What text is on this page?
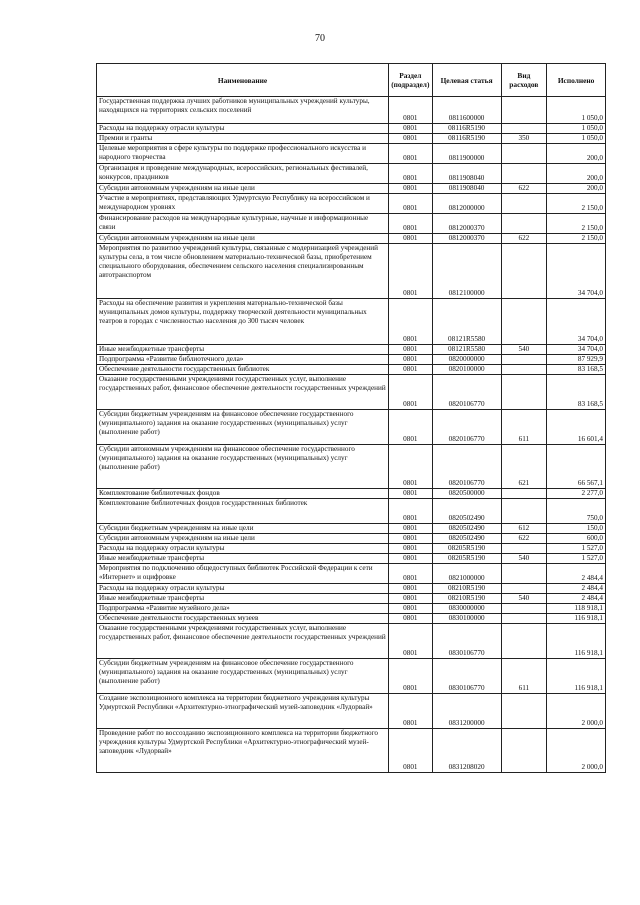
70
Наименование	Раздел (подраздел)	Целевая статья	Вид расходов	Исполнено
Государственная поддержка лучших работников муниципальных учреждений культуры, находящихся на территориях сельских поселений	0801	0811600000		1 050,0
Расходы на поддержку отрасли культуры	0801	08116R5190		1 050,0
Премии и гранты	0801	08116R5190	350	1 050,0
Целевые мероприятия в сфере культуры по поддержке профессионального искусства и народного творчества	0801	0811900000		200,0
Организация и проведение международных, всероссийских, региональных фестивалей, конкурсов, праздников	0801	0811908040		200,0
Субсидии автономным учреждениям на иные цели	0801	0811908040	622	200,0
Участие в мероприятиях, представляющих Удмуртскую Республику на всероссийском и международном уровнях	0801	0812000000		2 150,0
Финансирование расходов на международные культурные, научные и информационные связи	0801	0812000370		2 150,0
Субсидии автономным учреждениям на иные цели	0801	0812000370	622	2 150,0
Мероприятия по развитию учреждений культуры, связанные с модернизацией учреждений культуры села, в том числе обновлением материально-технической базы, приобретением специального оборудования, обеспечением сельского населения специализированным автотранспортом	0801	0812100000		34 704,0
Расходы на обеспечение развития и укрепления материально-технической базы муниципальных домов культуры, поддержку творческой деятельности муниципальных театров в городах с численностью населения до 300 тысяч человек	0801	08121R5580		34 704,0
Иные межбюджетные трансферты	0801	08121R5580	540	34 704,0
Подпрограмма «Развитие библиотечного дела»	0801	0820000000		87 929,9
Обеспечение деятельности государственных библиотек	0801	0820100000		83 168,5
Оказание государственными учреждениями государственных услуг, выполнение государственных работ, финансовое обеспечение деятельности государственных учреждений	0801	0820106770		83 168,5
Субсидии бюджетным учреждениям на финансовое обеспечение государственного (муниципального) задания на оказание государственных (муниципальных) услуг (выполнение работ)	0801	0820106770	611	16 601,4
Субсидии автономным учреждениям на финансовое обеспечение государственного (муниципального) задания на оказание государственных (муниципальных) услуг (выполнение работ)	0801	0820106770	621	66 567,1
Комплектование библиотечных фондов	0801	0820500000		2 277,0
Комплектование библиотечных фондов государственных библиотек	0801	0820502490		750,0
Субсидии бюджетным учреждениям на иные цели	0801	0820502490	612	150,0
Субсидии автономным учреждениям на иные цели	0801	0820502490	622	600,0
Расходы на поддержку отрасли культуры	0801	08205R5190		1 527,0
Иные межбюджетные трансферты	0801	08205R5190	540	1 527,0
Мероприятия по подключению общедоступных библиотек Российской Федерации к сети «Интернет» и оцифровке	0801	0821000000		2 484,4
Расходы на поддержку отрасли культуры	0801	08210R5190		2 484,4
Иные межбюджетные трансферты	0801	08210R5190	540	2 484,4
Подпрограмма «Развитие музейного дела»	0801	0830000000		118 918,1
Обеспечение деятельности государственных музеев	0801	0830100000		116 918,1
Оказание государственными учреждениями государственных услуг, выполнение государственных работ, финансовое обеспечение деятельности государственных учреждений	0801	0830106770		116 918,1
Субсидии бюджетным учреждениям на финансовое обеспечение государственного (муниципального) задания на оказание государственных (муниципальных) услуг (выполнение работ)	0801	0830106770	611	116 918,1
Создание экспозиционного комплекса на территории бюджетного учреждения культуры Удмуртской Республики «Архитектурно-этнографический музей-заповедник «Лудорвай»	0801	0831200000		2 000,0
Проведение работ по воссозданию экспозиционного комплекса на территории бюджетного учреждения культуры Удмуртской Республики «Архитектурно-этнографический музей-заповедник «Лудорвай»	0801	0831208020		2 000,0
